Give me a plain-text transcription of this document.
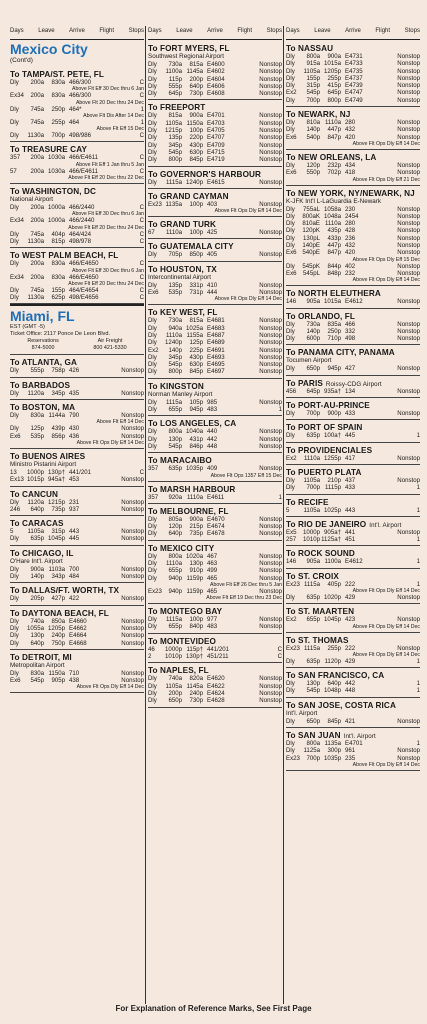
Mexico City
(Cont'd)
To TAMPA/ST. PETE, FL
Dly	200a	830a 466/300	C
Above Flt Eff 30 Dec thru 6 Jan
Ex34	200a	830a 466/300	C
Above Flt 20 Dec thru 24 Dec
Dly	745a	250p 464*	1
Above Flt Dis After 14 Dec
Dly	745a	255p 464	1
Above Flt Eff 15 Dec
Dly	1130a	700p 498/986	C
To TREASURE CAY
357	200a 1030a 466/E4611	C
Above Flt Eff 1 Jan thru 5 Jan
57	200a 1030a 466/E4611	C
Above Flt Eff 20 Dec thru 22 Dec
To WASHINGTON, DC
National Airport
Dly	200a 1000a 466/2440	C
Above Flt Eff 30 Dec thru 6 Jan
Ex34	200a 1000a 466/2440	C
Above Flt Eff 20 Dec thru 24 Dec
Dly	745a	404p 464/424	C
Dly	1130a	815p 498/978	C
To WEST PALM BEACH, FL
Dly	200a	830a 466/E4650	C
Above Flt Eff 30 Dec thru 6 Jan
Ex34	200a	830a 466/E4650	C
Above Flt Eff 20 Dec thru 24 Dec
Dly	745a	155p 464/E4654	C
Dly	1130a	625p 498/E4656	C
Miami, FL
EST (GMT -5)
Ticket Office: 2117 Ponce De Leon Blvd.
Reservations
874-5000
Air Freight
800 421-5330
To ATLANTA, GA
Dly	555p	758p 426	Nonstop
To BARBADOS
Dly	1120a	345p 435	Nonstop
To BOSTON, MA
Dly	830a 1144a 790	Nonstop
Above Flt Eff 14 Dec
Dly	125p	439p 430	Nonstop
Ex6	535p	856p 436	Nonstop
Above Flt Ops Dly Eff 14 Dec
To BUENOS AIRES
Ministro Pistarini Airport
13	1000p 130p† 441/201	C
Ex13 1015p 945a† 453	Nonstop
To CANCUN
Dly	1120a 1215p 231	Nonstop
246	640p	735p 937	Nonstop
To CARACAS
5	1105a	315p 443	Nonstop
Dly	635p 1045p 445	Nonstop
To CHICAGO, IL
O'Hare Int'l. Airport
Dly	900a 1103a 700	Nonstop
Dly	140p	343p 484	Nonstop
To DALLAS/FT. WORTH, TX
Dly	205p	427p 422	Nonstop
To DAYTONA BEACH, FL
Dly	740a	850a E4660	Nonstop
Dly	1055a 1205p E4662	Nonstop
Dly	130p	240p E4664	Nonstop
Dly	640p	750p E4668	Nonstop
To DETROIT, MI
Metropolitan Airport
Dly	830a 1150a 710	Nonstop
Ex6	545p	905p 438	Nonstop
Above Flt Ops Dly Eff 14 Dec
To FORT MYERS, FL
Southwest Regional Airport
Dly	730a	815a E4600	Nonstop
Dly	1100a 1145a E4602	Nonstop
Dly	115p	200p E4604	Nonstop
Dly	555p	640p E4606	Nonstop
Dly	645p	730p E4608	Nonstop
To FREEPORT
Dly	815a	900a E4701	Nonstop
Dly	1105a 1150a E4703	Nonstop
Dly	1215p	100p E4705	Nonstop
Dly	135p	220p E4707	Nonstop
Dly	345p	430p E4709	Nonstop
Dly	545p	630p E4715	Nonstop
Dly	800p	845p E4719	Nonstop
To GOVERNOR'S HARBOUR
Dly	1115a 1240p E4615	Nonstop
To GRAND CAYMAN
Ex23 1135a	100p 403	Nonstop
Above Flt Ops Dly Eff 14 Dec
To GRAND TURK
67	1110a	100p 425	Nonstop
To GUATEMALA CITY
Dly	705p	850p 405	Nonstop
To HOUSTON, TX
Intercontinental Airport
Dly	135p	331p 410	Nonstop
Ex6	535p	731p 444	Nonstop
Above Flt Ops Dly Eff 14 Dec
To KEY WEST, FL
Dly	730a	815a E4681	Nonstop
Dly	940a 1025a E4683	Nonstop
Dly	1110a 1155a E4687	Nonstop
Dly	1240p	125p E4689	Nonstop
Ex2	140p	225p E4691	Nonstop
Dly	345p	430p E4693	Nonstop
Dly	545p	630p E4695	Nonstop
Dly	800p	845p E4697	Nonstop
To KINGSTON
Norman Manley Airport
Dly	1115a	105p 985	Nonstop
Dly	655p	945p 483	1
To LOS ANGELES, CA
Dly	800a 1040a 440	Nonstop
Dly	130p	431p 442	Nonstop
Dly	545p	846p 448	Nonstop
To MARACAIBO
357	635p 1035p 409	Nonstop
Above Flt Ops 1357 Eff 15 Dec
To MARSH HARBOUR
357	920a 1110a E4611	1
To MELBOURNE, FL
Dly	805a	900a E4670	Nonstop
Dly	120p	215p E4674	Nonstop
Dly	640p	735p E4678	Nonstop
To MEXICO CITY
Dly	800a 1020a 467	Nonstop
Dly	1110a	130p 463	Nonstop
Dly	655p	910p 499	Nonstop
Dly	940p 1159p 465	Nonstop
Above Flt Eff 26 Dec thru 5 Jan
Ex23	940p 1159p 465	Nonstop
Above Flt Eff 19 Dec thru 23 Dec
To MONTEGO BAY
Dly	1115a	100p 977	Nonstop
Dly	655p	840p 483	Nonstop
To MONTEVIDEO
46	1000p 115p† 441/201	C
2	1010p 130p† 451/211	C
To NAPLES, FL
Dly	740a	820a E4620	Nonstop
Dly	1105a 1145a E4622	Nonstop
Dly	200p	240p E4624	Nonstop
Dly	650p	730p E4628	Nonstop
To NASSAU
Dly	800a	900a E4731	Nonstop
Dly	915a 1015a E4733	Nonstop
Dly	1105a 1205p E4735	Nonstop
Dly	155p	255p E4737	Nonstop
Dly	315p	415p E4739	Nonstop
Ex2	545p	645p E4747	Nonstop
Dly	700p	800p E4749	Nonstop
To NEWARK, NJ
Dly	810a 1110a 280	Nonstop
Dly	140p	447p 432	Nonstop
Ex6	540p	847p 420	Nonstop
Above Flt Ops Dly Eff 14 Dec
To NEW ORLEANS, LA
Dly	120p	232p 434	Nonstop
Ex6	550p	702p 418	Nonstop
Above Flt Ops Dly Eff 21 Dec
To NEW YORK, NY/NEWARK, NJ
K-JFK Int'l L-LaGuardia E-Newark
Dly	755aL 1058a 230	Nonstop
Dly	800aK 1048a 2454	Nonstop
Dly	810aE 1110a 280	Nonstop
Dly	120pK	435p 428	Nonstop
Dly	130pL	433p 236	Nonstop
Dly	140pE	447p 432	Nonstop
Ex6 540pE	847p 420	Nonstop
Above Flt Ops Dly Eff 15 Dec
Dly	545pK	844p 402	Nonstop
Ex6	545pL	848p 232	Nonstop
Above Flt Ops Dly Eff 14 Dec
To NORTH ELEUTHERA
146	905a 1015a E4612	Nonstop
To ORLANDO, FL
Dly	730a	835a 466	Nonstop
Dly	140p	250p 332	Nonstop
Dly	600p	710p 498	Nonstop
To PANAMA CITY, PANAMA
Tocumen Airport
Dly	650p	945p 427	Nonstop
To PARIS Roissy-CDG Airport
456	645p 935a† 134	Nonstop
To PORT-AU-PRINCE
Dly	700p	900p 433	Nonstop
To PORT OF SPAIN
Dly	635p 100a† 445	1
To PROVIDENCIALES
Ex2	1110a 1255p 417	Nonstop
To PUERTO PLATA
Dly	1105a	210p 437	Nonstop
Dly	700p 1115p 433	1
To RECIFE
5	1105a 1025p 443	1
To RIO DE JANEIRO Int'l. Airport
Ex5	1000p 905a† 441	Nonstop
257	1010p 1125a† 451	1
To ROCK SOUND
146	905a 1100a E4612	1
To ST. CROIX
Ex23 1115a	405p 222	1
Above Flt Ops Dly Eff 14 Dec
Dly	635p 1020p 429	Nonstop
To ST. MAARTEN
Ex2	655p 1045p 423	Nonstop
Above Flt Ops Dly Eff 14 Dec
To ST. THOMAS
Ex23 1115a	255p 222	Nonstop
Above Flt Ops Dly Eff 14 Dec
Dly	635p 1120p 429	1
To SAN FRANCISCO, CA
Dly	130p	640p 442	1
Dly	545p 1048p 448	1
To SAN JOSE, COSTA RICA
Int'l. Airport
Dly	650p	845p 421	Nonstop
To SAN JUAN Int'l. Airport
Dly	800a 1135a E4701	1
Dly	1125a	300p 961	Nonstop
Ex23	700p 1035p 235	Nonstop
Above Flt Ops Dly Eff 14 Dec
For Explanation of Reference Marks, See First Page
Days Leave Arrive Flight Stops Days Leave Arrive Flight Stops Days Leave Arrive Flight Stops
